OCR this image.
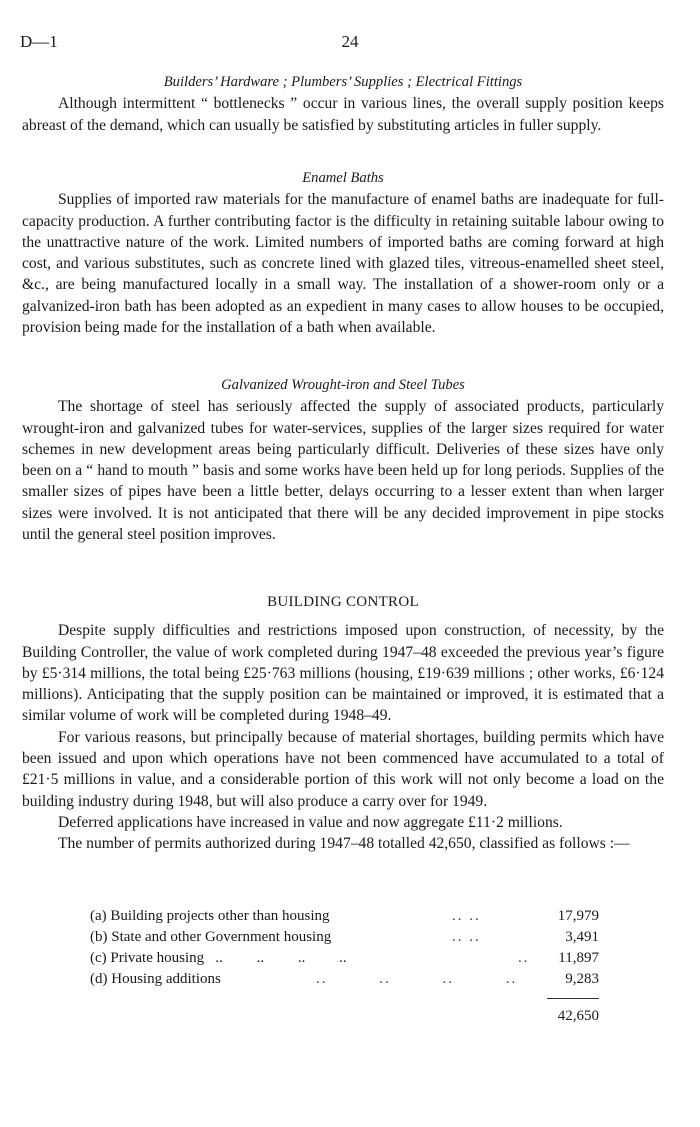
D—1	24

Builders’ Hardware ; Plumbers’ Supplies ; Electrical Fittings

Although intermittent “ bottlenecks ” occur in various lines, the overall supply position keeps abreast of the demand, which can usually be satisfied by substituting articles in fuller supply.

Enamel Baths

Supplies of imported raw materials for the manufacture of enamel baths are inadequate for full-capacity production. A further contributing factor is the difficulty in retaining suitable labour owing to the unattractive nature of the work. Limited numbers of imported baths are coming forward at high cost, and various substitutes, such as concrete lined with glazed tiles, vitreous-enamelled sheet steel, &c., are being manufactured locally in a small way. The installation of a shower-room only or a galvanized-iron bath has been adopted as an expedient in many cases to allow houses to be occupied, provision being made for the installation of a bath when available.

Galvanized Wrought-iron and Steel Tubes

The shortage of steel has seriously affected the supply of associated products, particularly wrought-iron and galvanized tubes for water-services, supplies of the larger sizes required for water schemes in new development areas being particularly difficult. Deliveries of these sizes have only been on a “ hand to mouth ” basis and some works have been held up for long periods. Supplies of the smaller sizes of pipes have been a little better, delays occurring to a lesser extent than when larger sizes were involved. It is not anticipated that there will be any decided improvement in pipe stocks until the general steel position improves.

BUILDING CONTROL

Despite supply difficulties and restrictions imposed upon construction, of necessity, by the Building Controller, the value of work completed during 1947–48 exceeded the previous year’s figure by £5·314 millions, the total being £25·763 millions (housing, £19·639 millions ; other works, £6·124 millions). Anticipating that the supply position can be maintained or improved, it is estimated that a similar volume of work will be completed during 1948–49.

For various reasons, but principally because of material shortages, building permits which have been issued and upon which operations have not been commenced have accumulated to a total of £21·5 millions in value, and a considerable portion of this work will not only become a load on the building industry during 1948, but will also produce a carry over for 1949.

Deferred applications have increased in value and now aggregate £11·2 millions.

The number of permits authorized during 1947–48 totalled 42,650, classified as follows :—

(a) Building projects other than housing	.. ..	17,979
(b) State and other Government housing	.. ..	3,491
(c) Private housing   ..         ..         ..         ..	.. 11,897
(d) Housing additions	..         ..         ..         ..	9,283
42,650
